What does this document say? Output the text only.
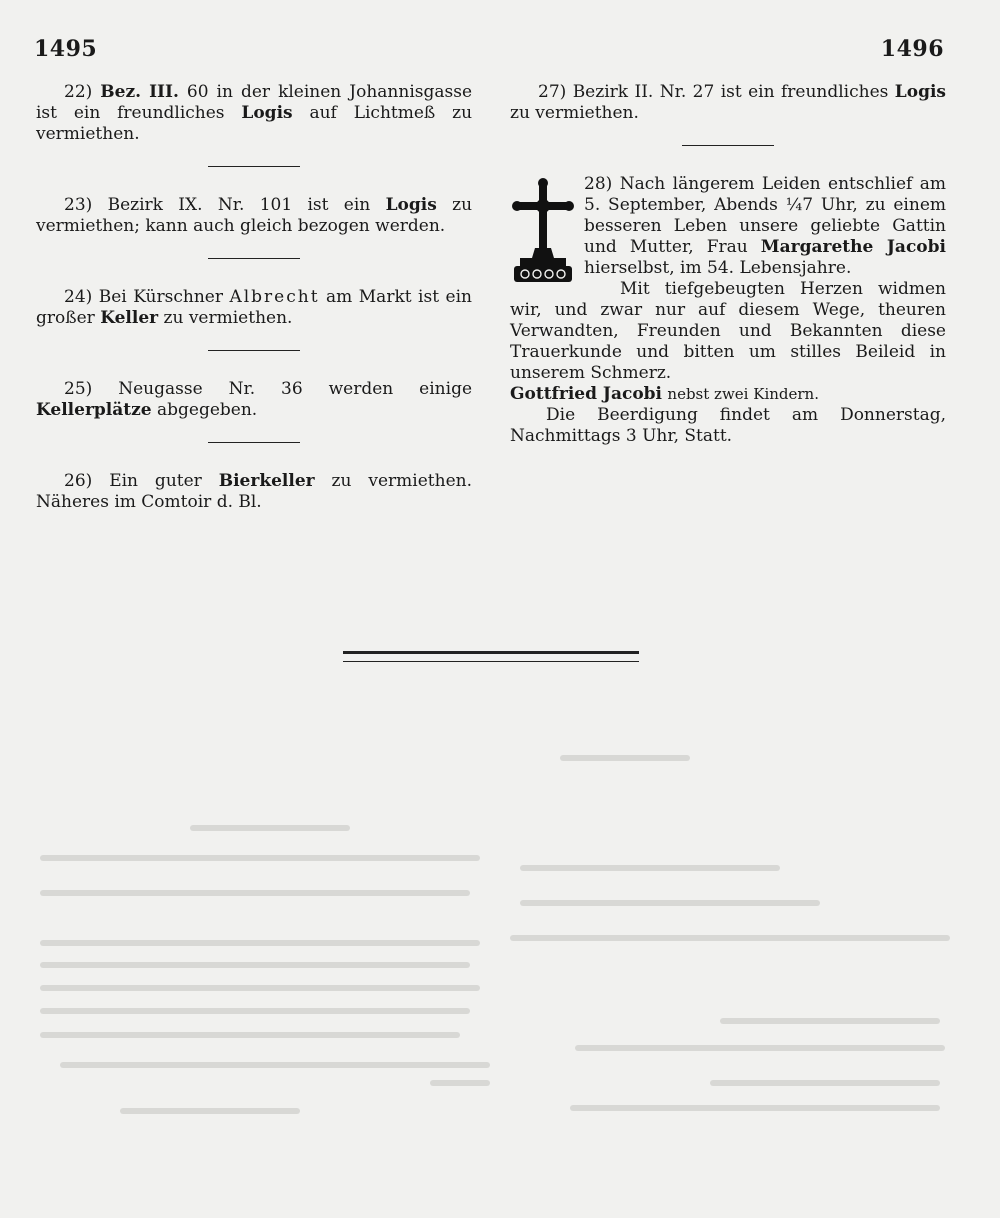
1495	1496

22) Bez. III. 60 in der kleinen Johannisgasse ist ein freundliches Logis auf Lichtmeß zu vermiethen.

23) Bezirk IX. Nr. 101 ist ein Logis zu vermiethen; kann auch gleich bezogen werden.

24) Bei Kürschner Albrecht am Markt ist ein großer Keller zu vermiethen.

25) Neugasse Nr. 36 werden einige Kellerplätze abgegeben.

26) Ein guter Bierkeller zu vermiethen. Näheres im Comtoir d. Bl.

27) Bezirk II. Nr. 27 ist ein freundliches Logis zu vermiethen.

28) Nach längerem Leiden entschlief am 5. September, Abends ¼7 Uhr, zu einem besseren Leben unsere geliebte Gattin und Mutter, Frau Margarethe Jacobi hierselbst, im 54. Lebensjahre.

Mit tiefgebeugten Herzen widmen wir, und zwar nur auf diesem Wege, theuren Verwandten, Freunden und Bekannten diese Trauerkunde und bitten um stilles Beileid in unserem Schmerz.

Gottfried Jacobi nebst zwei Kindern.

Die Beerdigung findet am Donnerstag, Nachmittags 3 Uhr, Statt.
